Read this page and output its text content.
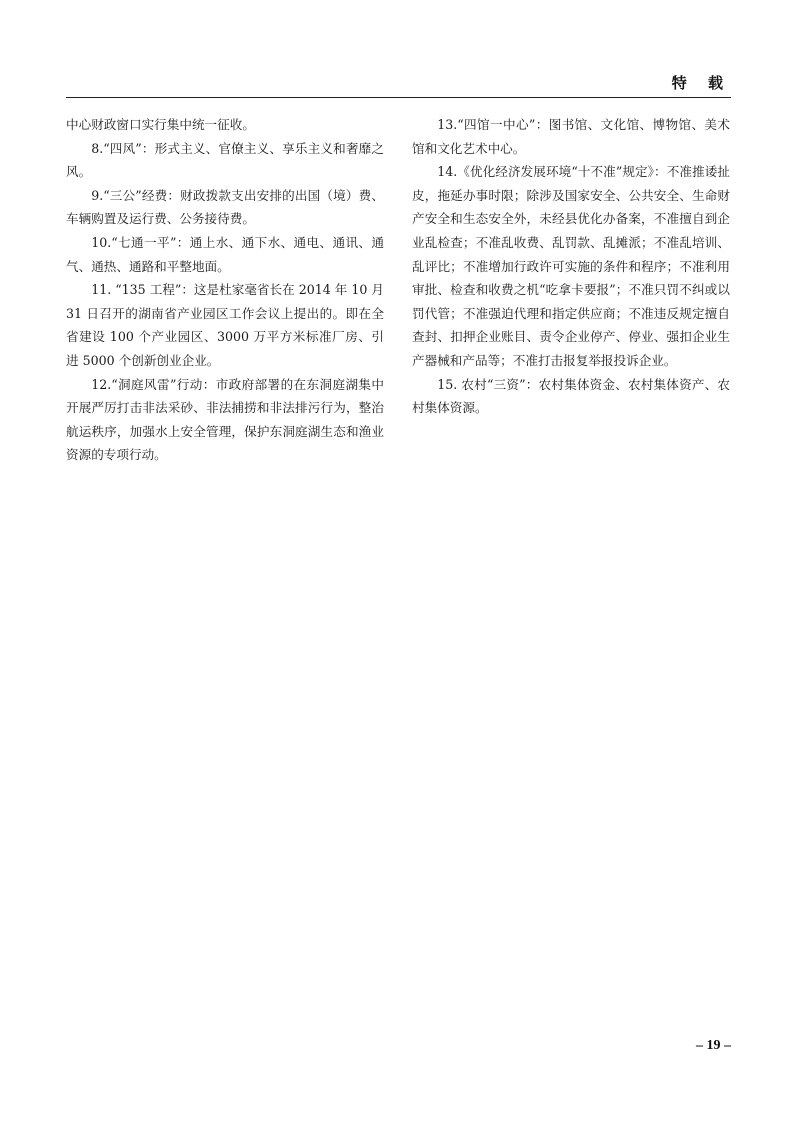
特 载

中心财政窗口实行集中统一征收。

8.“四风”：形式主义、官僚主义、享乐主义和奢靡之风。

9.“三公”经费：财政拨款支出安排的出国（境）费、车辆购置及运行费、公务接待费。

10.“七通一平”：通上水、通下水、通电、通讯、通气、通热、通路和平整地面。

11. “135 工程”：这是杜家毫省长在 2014 年 10 月 31 日召开的湖南省产业园区工作会议上提出的。即在全省建设 100 个产业园区、3000 万平方米标准厂房、引进 5000 个创新创业企业。

12.“洞庭风雷”行动：市政府部署的在东洞庭湖集中开展严厉打击非法采砂、非法捕捞和非法排污行为，整治航运秩序，加强水上安全管理，保护东洞庭湖生态和渔业资源的专项行动。

13.“四馆一中心”：图书馆、文化馆、博物馆、美术馆和文化艺术中心。

14.《优化经济发展环境“十不准”规定》：不准推诿扯皮，拖延办事时限；除涉及国家安全、公共安全、生命财产安全和生态安全外，未经县优化办备案，不准擅自到企业乱检查；不准乱收费、乱罚款、乱摊派；不准乱培训、乱评比；不准增加行政许可实施的条件和程序；不准利用审批、检查和收费之机“吃拿卡要报”；不准只罚不纠或以罚代管；不准强迫代理和指定供应商；不准违反规定擅自查封、扣押企业账目、责令企业停产、停业、强扣企业生产器械和产品等；不准打击报复举报投诉企业。

15. 农村“三资”：农村集体资金、农村集体资产、农村集体资源。

– 19 –
